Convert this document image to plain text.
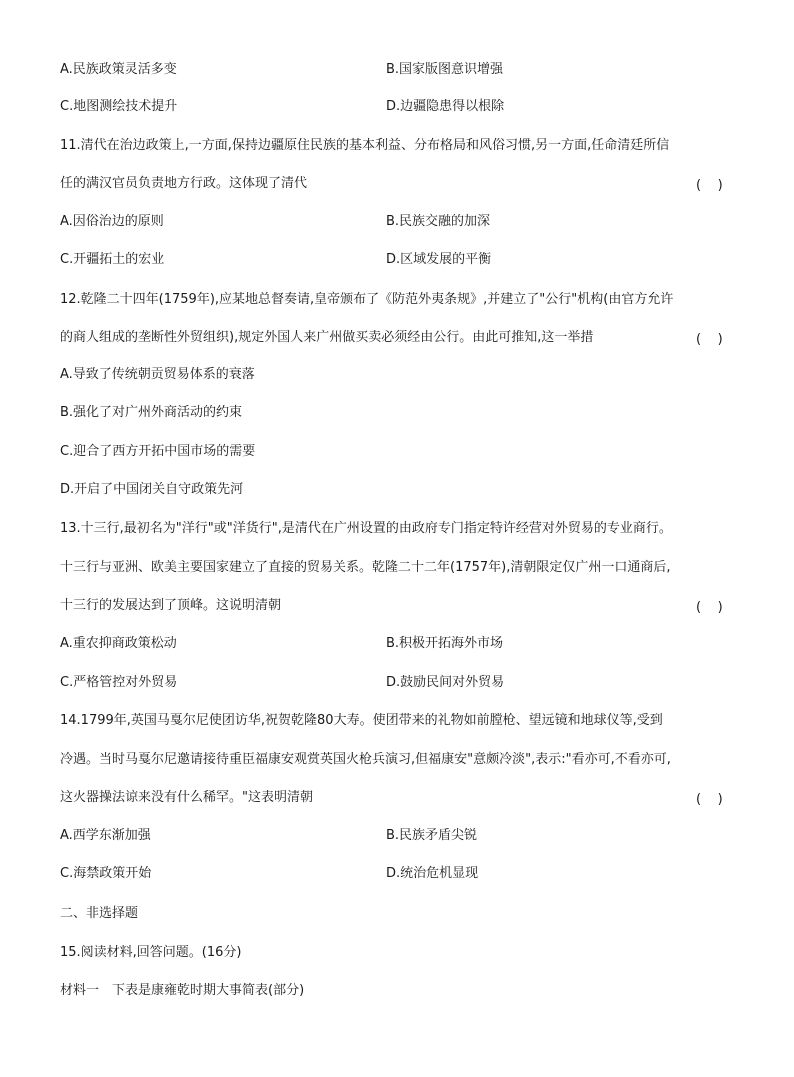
A.民族政策灵活多变	B.国家版图意识增强
C.地图测绘技术提升	D.边疆隐患得以根除
11.清代在治边政策上,一方面,保持边疆原住民族的基本利益、分布格局和风俗习惯,另一方面,任命清廷所信
任的满汉官员负责地方行政。这体现了清代	(    )
A.因俗治边的原则	B.民族交融的加深
C.开疆拓土的宏业	D.区域发展的平衡
12.乾隆二十四年(1759年),应某地总督奏请,皇帝颁布了《防范外夷条规》,并建立了"公行"机构(由官方允许
的商人组成的垄断性外贸组织),规定外国人来广州做买卖必须经由公行。由此可推知,这一举措	(    )
A.导致了传统朝贡贸易体系的衰落
B.强化了对广州外商活动的约束
C.迎合了西方开拓中国市场的需要
D.开启了中国闭关自守政策先河
13.十三行,最初名为"洋行"或"洋货行",是清代在广州设置的由政府专门指定特许经营对外贸易的专业商行。
十三行与亚洲、欧美主要国家建立了直接的贸易关系。乾隆二十二年(1757年),清朝限定仅广州一口通商后,
十三行的发展达到了顶峰。这说明清朝	(    )
A.重农抑商政策松动	B.积极开拓海外市场
C.严格管控对外贸易	D.鼓励民间对外贸易
14.1799年,英国马戛尔尼使团访华,祝贺乾隆80大寿。使团带来的礼物如前膛枪、望远镜和地球仪等,受到
冷遇。当时马戛尔尼邀请接待重臣福康安观赏英国火枪兵演习,但福康安"意颇冷淡",表示:"看亦可,不看亦可,
这火器操法谅来没有什么稀罕。"这表明清朝	(    )
A.西学东渐加强	B.民族矛盾尖锐
C.海禁政策开始	D.统治危机显现
二、非选择题
15.阅读材料,回答问题。(16分)
材料一　下表是康雍乾时期大事简表(部分)
